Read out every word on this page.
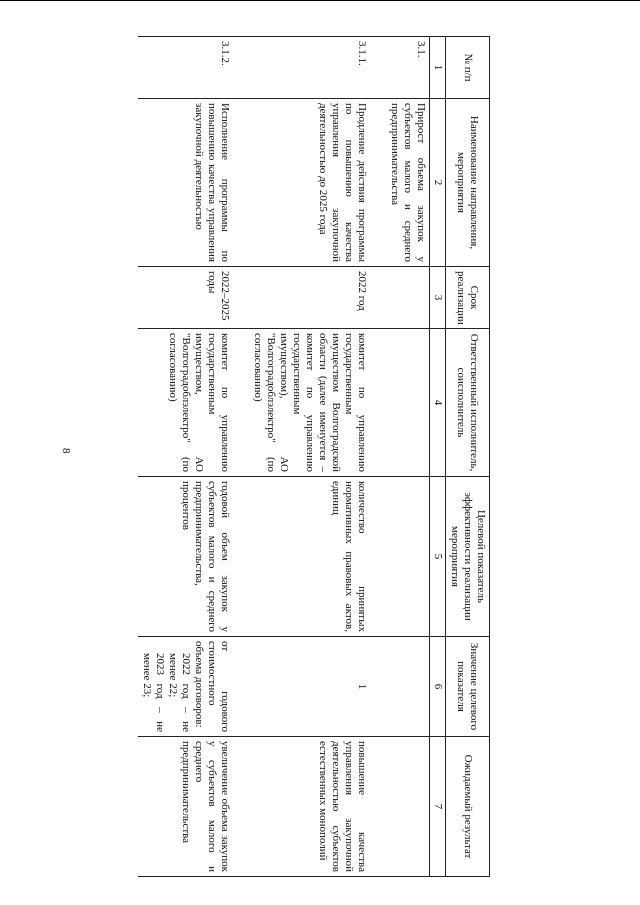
8
№ п/п	Наименование направления, мероприятия	Срок реализации	Ответственный исполнитель, соисполнитель	Целевой показатель эффективности реализации мероприятия	Значение целевого показателя	Ожидаемый результат
1	2	3	4	5	6	7
3.1.	Прирост объема закупок у субъектов малого и среднего предпринимательства					

3.1.1.	Продление действия программы по повышению качества управления закупочной деятельностью до 2025 года	2022 год	комитет по управлению государственным имуществом Волгоградской области (далее именуется – комитет по управлению государственным имуществом), АО "Волгоградоблэлектро" (по согласованию)	количество принятых нормативных правовых актов, единиц	1	повышение качества управления закупочной деятельностью субъектов естественных монополий

3.1.2.	Исполнение программы по повышению качества управления закупочной деятельностью	2022–2025 годы	комитет по управлению государственным имуществом, АО "Волгоградоблэлектро" (по согласованию)	годовой объем закупок у субъектов малого и среднего предпринимательства, процентов	от годового стоимостного объема договоров:
2022 год – не менее 22;
2023 год – не менее 23;	увеличение объема закупок у субъектов малого и среднего предпринимательства
